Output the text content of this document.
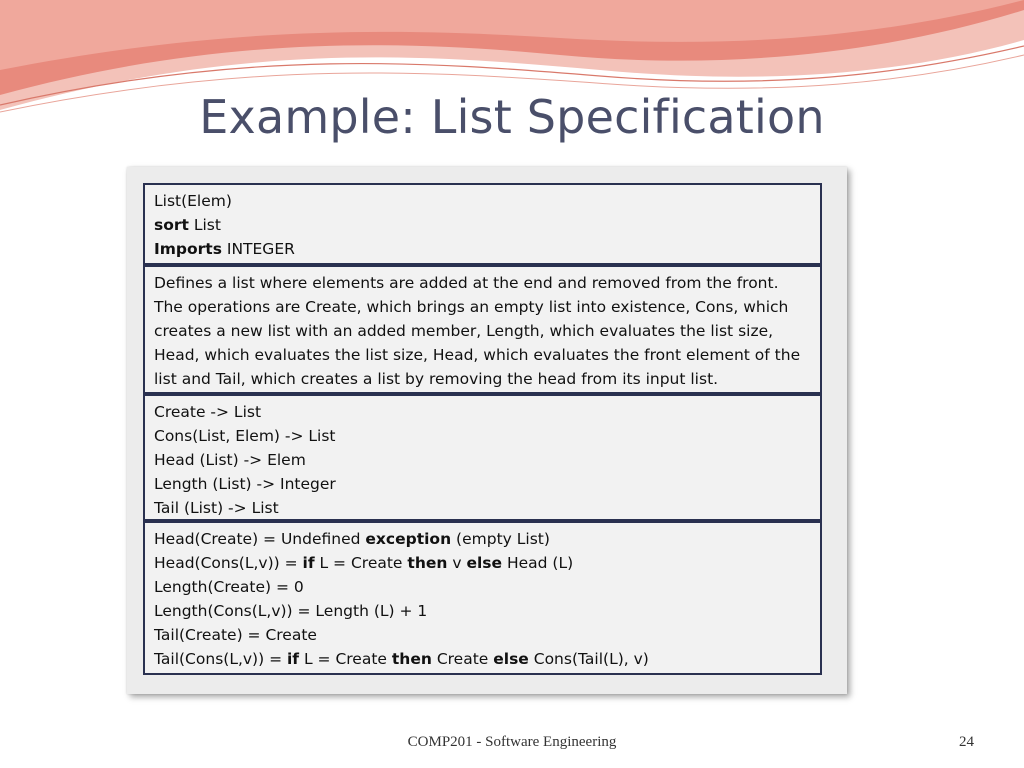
Example: List Specification
List(Elem)
sort List
Imports INTEGER
Defines a list where elements are added at the end and removed from the front. The operations are Create, which brings an empty list into existence, Cons, which creates a new list with an added member, Length, which evaluates the list size, Head, which evaluates the list size, Head, which evaluates the front element of the list and Tail, which creates a list by removing the head from its input list.
Create -> List
Cons(List, Elem) -> List
Head (List) -> Elem
Length (List) -> Integer
Tail (List) -> List
Head(Create) = Undefined exception (empty List)
Head(Cons(L,v)) = if L = Create then v else Head (L)
Length(Create) = 0
Length(Cons(L,v)) = Length (L) + 1
Tail(Create) = Create
Tail(Cons(L,v)) = if L = Create then Create else Cons(Tail(L), v)
COMP201 - Software Engineering	24
